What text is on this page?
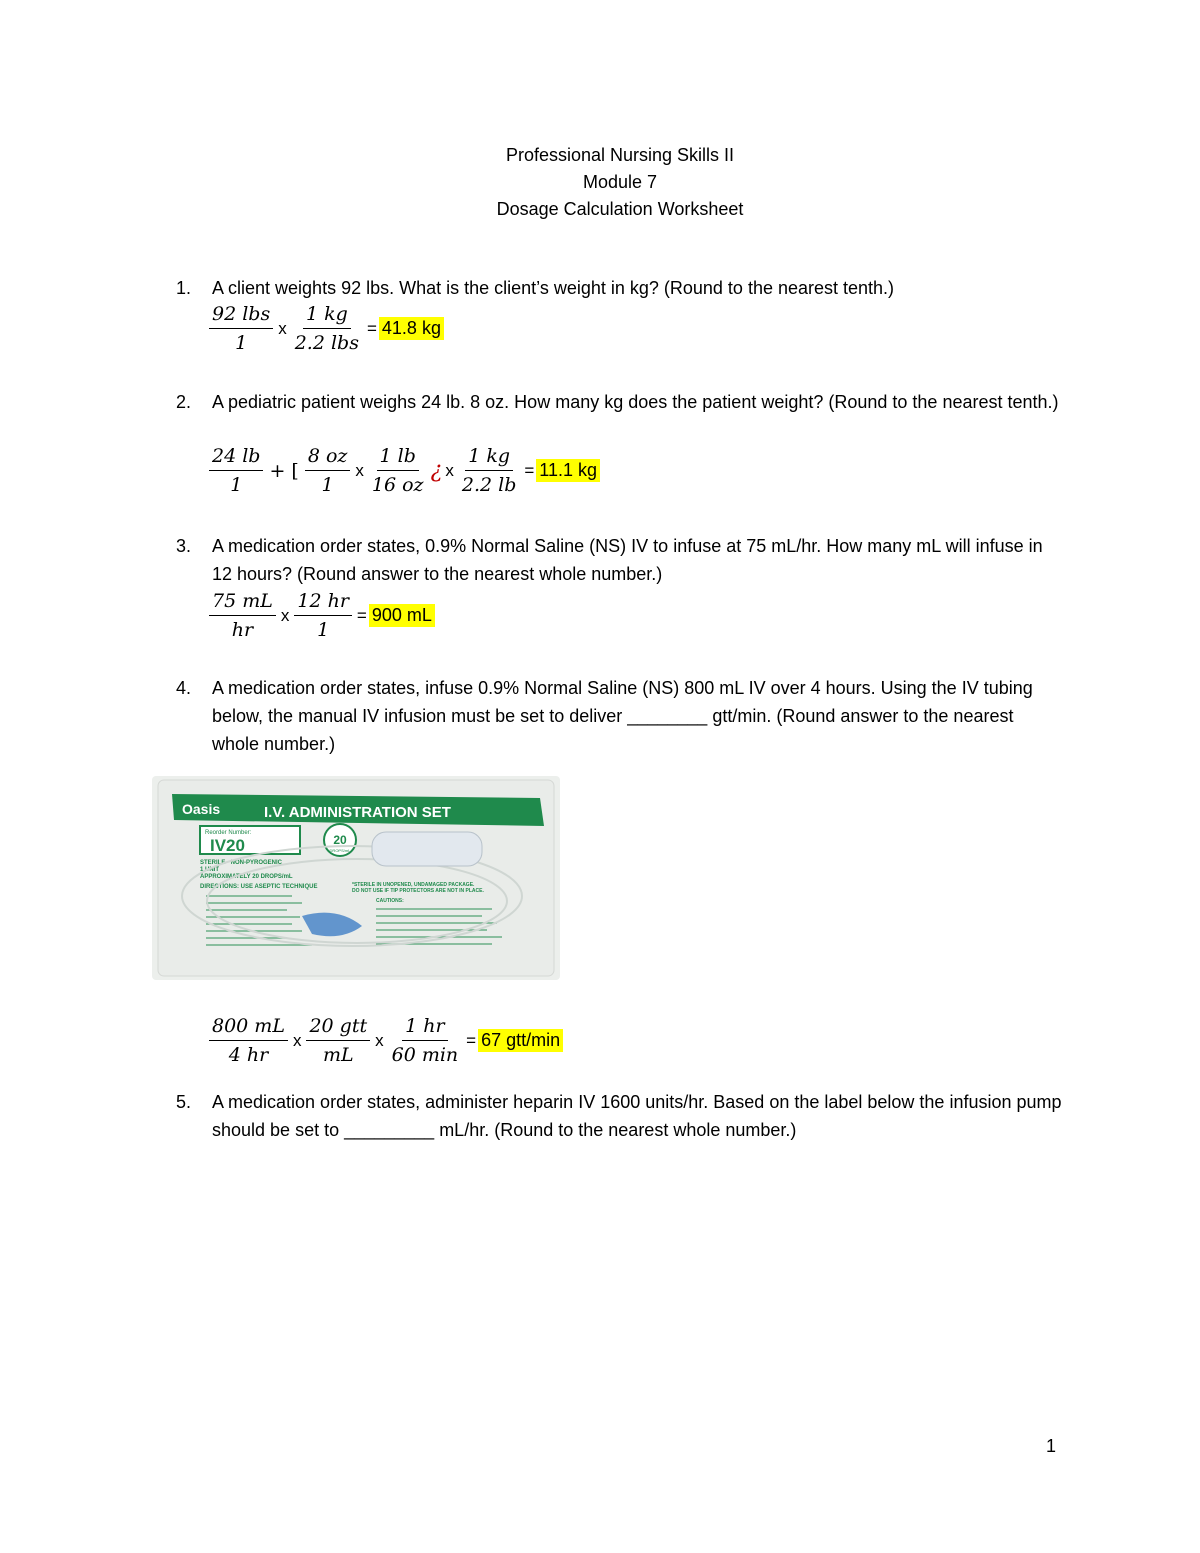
Professional Nursing Skills II
Module 7
Dosage Calculation Worksheet
1. A client weights 92 lbs. What is the client’s weight in kg? (Round to the nearest tenth.)
$\frac{\text{92 lbs}}{1}$ x $\frac{1 kg}{\text{2.2 lbs}} = 41.8$ kg
2. A pediatric patient weighs 24 lb. 8 oz. How many kg does the patient weight? (Round to the nearest tenth.)
$\frac{24 lb}{1}$ + [ $\frac{8 oz}{1}$ x $\frac{1 lb}{16 oz}$ ¿ x $\frac{1 kg}{2.2 lb} = 11.1$ kg
3. A medication order states, 0.9% Normal Saline (NS) IV to infuse at 75 mL/hr. How many mL will infuse in 12 hours? (Round answer to the nearest whole number.)
$\frac{75 mL}{hr}$ x $\frac{12 hr}{1} = 900$ mL
4. A medication order states, infuse 0.9% Normal Saline (NS) 800 mL IV over 4 hours. Using the IV tubing below, the manual IV infusion must be set to deliver ________ gtt/min. (Round answer to the nearest whole number.)
Oasis	I.V. ADMINISTRATION SET
Reorder Number:
IV20	20
DROPS/mL
STERILE - NON-PYROGENIC
1 UNIT
APPROXIMATELY 20 DROPS/mL
DIRECTIONS: USE ASEPTIC TECHNIQUE	*STERILE IN UNOPENED, UNDAMAGED PACKAGE.
DO NOT USE IF TIP PROTECTORS ARE NOT IN PLACE.
CAUTIONS:
$\frac{800 mL}{4 hr}$ x $\frac{\text{20 gtt}}{mL}$ x $\frac{1 hr}{60 \min} = 67$ gtt/min
5. A medication order states, administer heparin IV 1600 units/hr. Based on the label below the infusion pump should be set to _________ mL/hr. (Round to the nearest whole number.)
1
